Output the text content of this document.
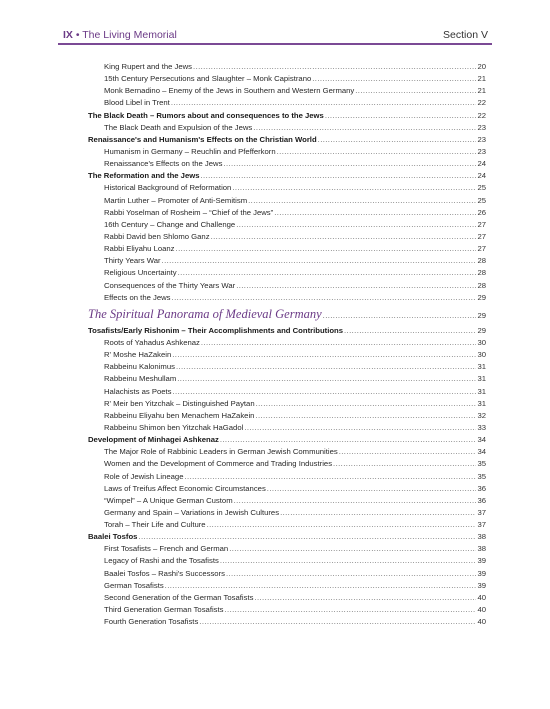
IX • The Living Memorial	Section V
King Rupert and the Jews .....	20
15th Century Persecutions and Slaughter – Monk Capistrano .....	21
Monk Bernadino – Enemy of the Jews in Southern and Western Germany .....	21
Blood Libel in Trent .....	22
The Black Death – Rumors about and consequences to the Jews .....	22
The Black Death and Expulsion of the Jews .....	23
Renaissance's and Humanism's Effects on the Christian World .....	23
Humanism in Germany – Reuchlin and Pfefferkorn .....	23
Renaissance's Effects on the Jews .....	24
The Reformation and the Jews .....	24
Historical Background of Reformation .....	25
Martin Luther – Promoter of Anti-Semitism .....	25
Rabbi Yoselman of Rosheim – “Chief of the Jews” .....	26
16th Century – Change and Challenge .....	27
Rabbi David ben Shlomo Ganz .....	27
Rabbi Eliyahu Loanz .....	27
Thirty Years War .....	28
Religious Uncertainty .....	28
Consequences of the Thirty Years War .....	28
Effects on the Jews .....	29
The Spiritual Panorama of Medieval Germany .....	29
Tosafists/Early Rishonim – Their Accomplishments and Contributions .....	29
Roots of Yahadus Ashkenaz .....	30
R' Moshe HaZakein .....	30
Rabbeinu Kalonimus .....	31
Rabbeinu Meshullam .....	31
Halachists as Poets .....	31
R' Meir ben Yitzchak – Distinguished Paytan .....	31
Rabbeinu Eliyahu ben Menachem HaZakein .....	32
Rabbeinu Shimon ben Yitzchak HaGadol .....	33
Development of Minhagei Ashkenaz .....	34
The Major Role of Rabbinic Leaders in German Jewish Communities .....	34
Women and the Development of Commerce and Trading Industries .....	35
Role of Jewish Lineage .....	35
Laws of Treifus Affect Economic Circumstances .....	36
“Wimpel” – A Unique German Custom .....	36
Germany and Spain – Variations in Jewish Cultures .....	37
Torah – Their Life and Culture .....	37
Baalei Tosfos .....	38
First Tosafists – French and German .....	38
Legacy of Rashi and the Tosafists .....	39
Baalei Tosfos – Rashi's Successors .....	39
German Tosafists .....	39
Second Generation of the German Tosafists .....	40
Third Generation German Tosafists .....	40
Fourth Generation Tosafists .....	40
